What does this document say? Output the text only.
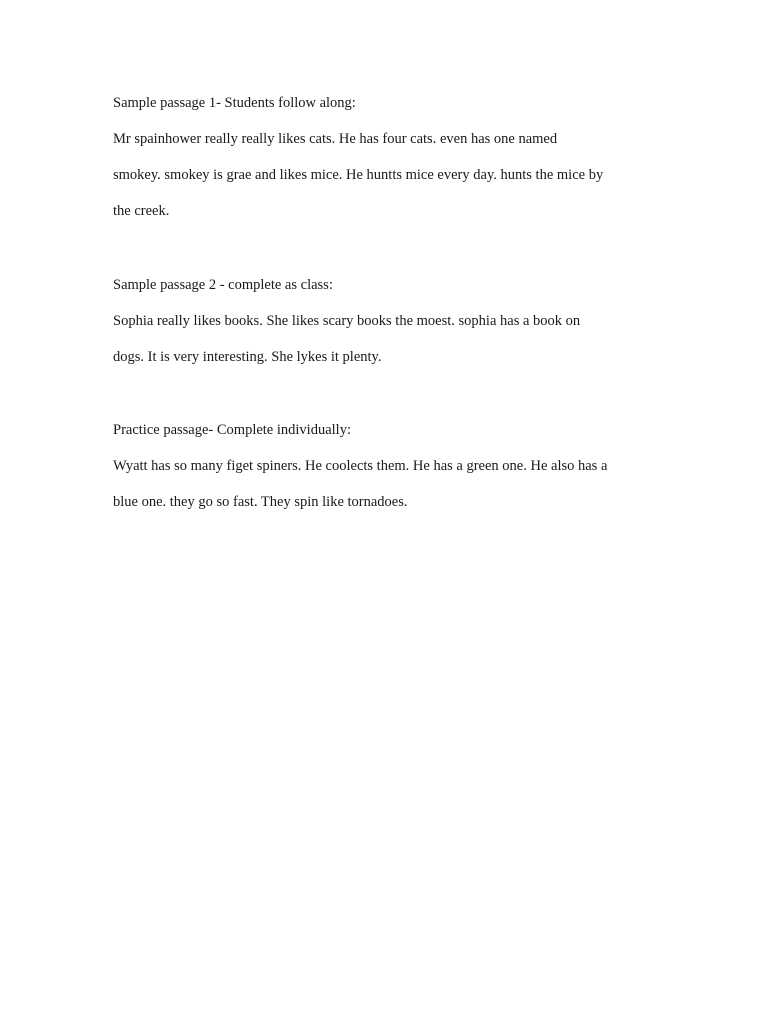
Sample passage 1- Students follow along:

Mr spainhower really really likes cats. He has four cats. even has one named

smokey. smokey is grae and likes mice. He huntts mice every day. hunts the mice by

the creek.

Sample passage 2 - complete as class:

Sophia really likes books. She likes scary books the moest. sophia has a book on

dogs. It is very interesting. She lykes it plenty.

Practice passage- Complete individually:

Wyatt has so many figet spiners. He coolects them. He has a green one. He also has a

blue one. they go so fast. They spin like tornadoes.
